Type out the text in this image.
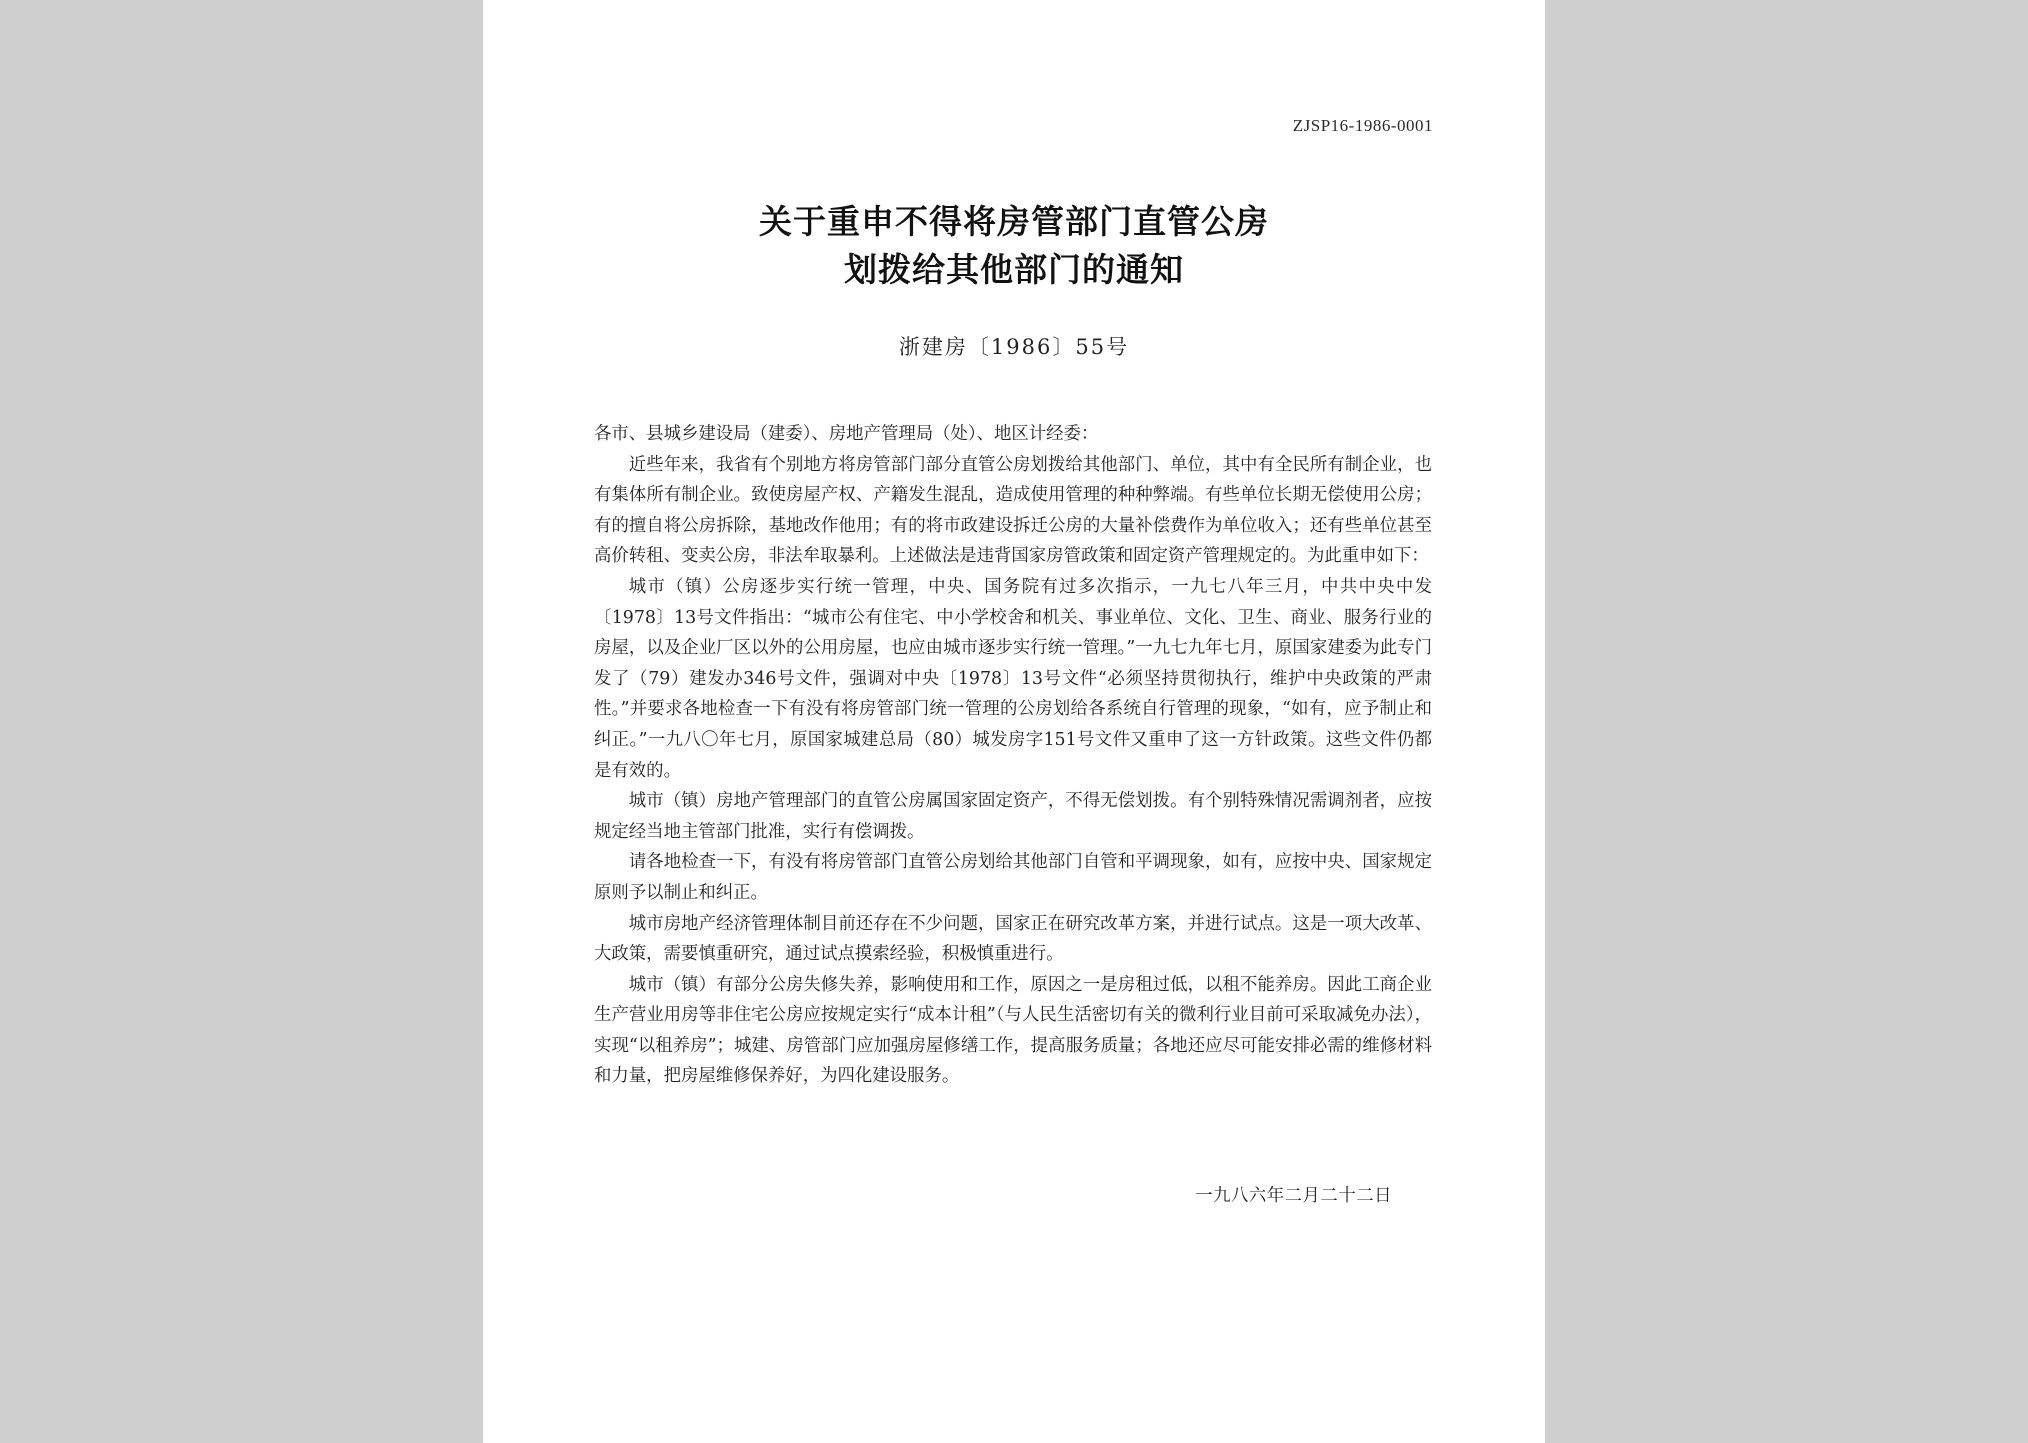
ZJSP16-1986-0001
关于重申不得将房管部门直管公房
划拨给其他部门的通知
浙建房〔1986〕55号

各市、县城乡建设局（建委）、房地产管理局（处）、地区计经委：

近些年来，我省有个别地方将房管部门部分直管公房划拨给其他部门、单位，其中有全民所有制企业，也有集体所有制企业。致使房屋产权、产籍发生混乱，造成使用管理的种种弊端。有些单位长期无偿使用公房；有的擅自将公房拆除，基地改作他用；有的将市政建设拆迁公房的大量补偿费作为单位收入；还有些单位甚至高价转租、变卖公房，非法牟取暴利。上述做法是违背国家房管政策和固定资产管理规定的。为此重申如下：

城市（镇）公房逐步实行统一管理，中央、国务院有过多次指示，一九七八年三月，中共中央中发〔1978〕13号文件指出：“城市公有住宅、中小学校舍和机关、事业单位、文化、卫生、商业、服务行业的房屋，以及企业厂区以外的公用房屋，也应由城市逐步实行统一管理。”一九七九年七月，原国家建委为此专门发了（79）建发办346号文件，强调对中央〔1978〕13号文件“必须坚持贯彻执行，维护中央政策的严肃性。”并要求各地检查一下有没有将房管部门统一管理的公房划给各系统自行管理的现象，“如有，应予制止和纠正。”一九八〇年七月，原国家城建总局（80）城发房字151号文件又重申了这一方针政策。这些文件仍都是有效的。

城市（镇）房地产管理部门的直管公房属国家固定资产，不得无偿划拨。有个别特殊情况需调剂者，应按规定经当地主管部门批准，实行有偿调拨。

请各地检查一下，有没有将房管部门直管公房划给其他部门自管和平调现象，如有，应按中央、国家规定原则予以制止和纠正。

城市房地产经济管理体制目前还存在不少问题，国家正在研究改革方案，并进行试点。这是一项大改革、大政策，需要慎重研究，通过试点摸索经验，积极慎重进行。

城市（镇）有部分公房失修失养，影响使用和工作，原因之一是房租过低，以租不能养房。因此工商企业生产营业用房等非住宅公房应按规定实行“成本计租”（与人民生活密切有关的微利行业目前可采取减免办法），实现“以租养房”；城建、房管部门应加强房屋修缮工作，提高服务质量；各地还应尽可能安排必需的维修材料和力量，把房屋维修保养好，为四化建设服务。

一九八六年二月二十二日
